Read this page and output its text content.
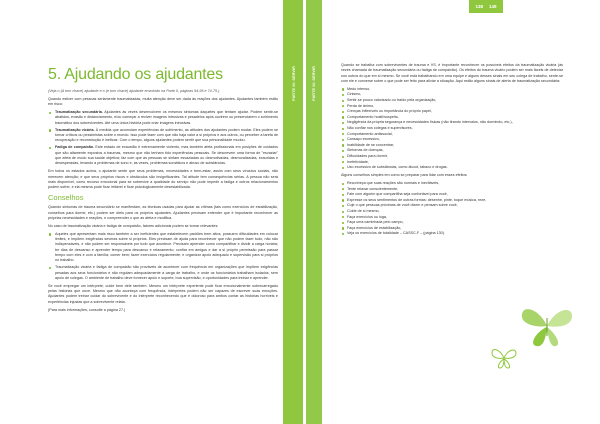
138 149
PARTE III: SERVIR	PARTE III: SERVIR
5. Ajudando os ajudantes

(Veja o (A tom chave) ajudante e o (e tom chave) ajudante envolvido na Parte II, páginas 94-96 e 74-75.)

Quando estiver com pessoas seriamente traumatizadas, muita atenção deve ser dada às reações dos ajudantes. Ajudantes também estão em risco:

Traumatização secundária. Ajudantes às vezes desenvolvem os mesmos sintomas daqueles que tentam ajudar. Podem sentir-se abatidos, evasão e distanciamento, e/ou começar a reviver imagens intrusivas e pesadelos após ouvirem ou presenciarem o sofrimento traumático dos sobreviventes. Até uma única história pode criar imagens intrusivas.
Traumatização vicária. À medida que acumulam experiências de sofrimento, as atitudes dos ajudantes podem mudar. Eles podem se tornar críticos ou pessimistas sobre o mundo. Isso pode fazer com que não haja valor a si próprios e aos outros, ou perceber a tarefa de recuperação e reconstrução é ineficaz. Com o tempo, alguns ajudantes podem sentir que sua personalidade mudou.
Fadiga de compaixão. Este estado de exaustão é extremamente violento, mas também afeta profissionais em posições de cuidados que são altamente expostos a traumas, mesmo que não tenham tido experiências pessoais. Se descrevem uma forma de "esvaziar" que afeta de modo sua saúde objetiva; faz com que as pessoas se sintam esvaziadas ou desmotivadas, desmoralizadas, exauridas e desesperadas, levando a problemas de sono e, às vezes, problemas somáticos e abuso de substâncias.

Em todos os estados acima, o ajudante sente que seus problemas, necessidades e bem-estar, assim com seus vínculos sociais, não merecem atenção; e que seus próprios riscos e obstáculos são insignificantes. Tal atitude tem consequências sérias. A pessoa não será mais disponível, como recurso emocional para se sobrevive a qualidade do serviço não pode impedir a fadiga e outros relacionamentos podem sofrer, e ela mesma pode ficar irritável e ficar psicologicamente desestabilizada.

Conselhos

Quando sintomas de trauma secundário se manifestam, as técnicas usadas para ajudar as vítimas (tais como exercícios de estabilização, conselhos para dormir, etc.) podem ser úteis para os próprios ajudantes. Ajudantes precisam entender que é importante reconhecer as próprias necessidades e reações, e compreender o que as afeta e modifica.

No caso de traumatização vicária e fadiga de compaixão, fatores adicionais podem se tornar relevantes:

Aqueles que apresentam mais risco também a ser ineficientes que estabelecem padrões bem altos, possuem dificuldades em colocar limites, e impõem exigências severas sobre si próprios. Eles precisam de ajuda para reconhecer que não podem fazer tudo, não são indispensáveis, e não podem ser responsáveis por tudo que acontece. Precisam aprender como compartilhar e dividir a carga horária; ter dias de descanso e aprender tempo para descanso e relaxamento; confiar em amigos e dar a si próprio permissão para passar tempo com eles e com a família; comer bem; fazer exercícios regularmente; e organizar apoio adequado e supervisão para si próprios no trabalho.
Traumatização vicária e fadiga de compaixão são prováveis de acontecer com frequência em organizações que impõem exigências pesadas aos seus funcionários e não regulam adequadamente a carga de trabalho, e onde os funcionários trabalham isolados, sem apoio de colegas. O ambiente de trabalho deve fornecer apoio e suporte, boa supervisão, e oportunidades para treinar e aprender.

Se você empregar um intérprete, cuide bem dele também. Mesmo um intérprete experiente pode ficar emocionalmente sobrecarregado pelas histórias que ouve. Mesmo que não aconteça com frequência, intérpretes podem não ser capazes de escrever suas emoções. Ajudantes podem treinar cuidar do sobrevivente e do intérprete reconhecendo que é doloroso para ambos contar as histórias horríveis e experiências injustas que a sobrevivente relata.

(Para mais informações, consulte a página 27.)

Quando se trabalha com sobreviventes de trauma e VS, é importante reconhecer os possíveis efeitos da traumatização vicária (às vezes chamada de traumatização secundária ou fadiga de compaixão). Os efeitos do trauma vicário podem ser mais fáceis de detectar nos outros do que em si mesmo. Se você está trabalhando em uma equipe e alguns desses sinais em seu colega de trabalho, sente-se com ele e converse sobre o que pode ser feito para aliviar a situação. Aqui estão alguns sinais de alerta de traumatização secundária:

Medo intenso,
Cinismo,
Sentir-se pouco valorizado ou traído pela organização,
Perda de ânimo,
Crenças inflexíveis ou importância do próprio papel,
Comportamento hostil/suspeito,
Negligência da própria segurança e necessidades físicas (não tirando intervalos, não dormindo, etc.),
Não confiar nos colegas e supervisores,
Comportamento antissocial,
Cansaço excessivo,
Inabilidade de se concentrar,
Sintomas de doenças,
Dificuldades para dormir,
Inefetividade,
Uso excessivo de substâncias, como álcool, tabaco e drogas.

Alguns conselhos simples em como se preparar para lidar com esses efeitos:

Reconheça que suas reações são normais e inevitáveis,
Tente relaxar conscientemente,
Fale com alguém que compartilha seja confortável para você,
Expresse os seus sentimentos de outras formas: desenhe, pinte, toque música, reze,
Cuje o que pessoas próximas de você dizem e pensam sobre você,
Cuide de si mesmo,
Faça exercícios ou ioga,
Faça uma caminhada pelo campo,
Faça exercícios de estabilização,
Veja os exercícios de totalidade – CASSC-F – (página 130).
